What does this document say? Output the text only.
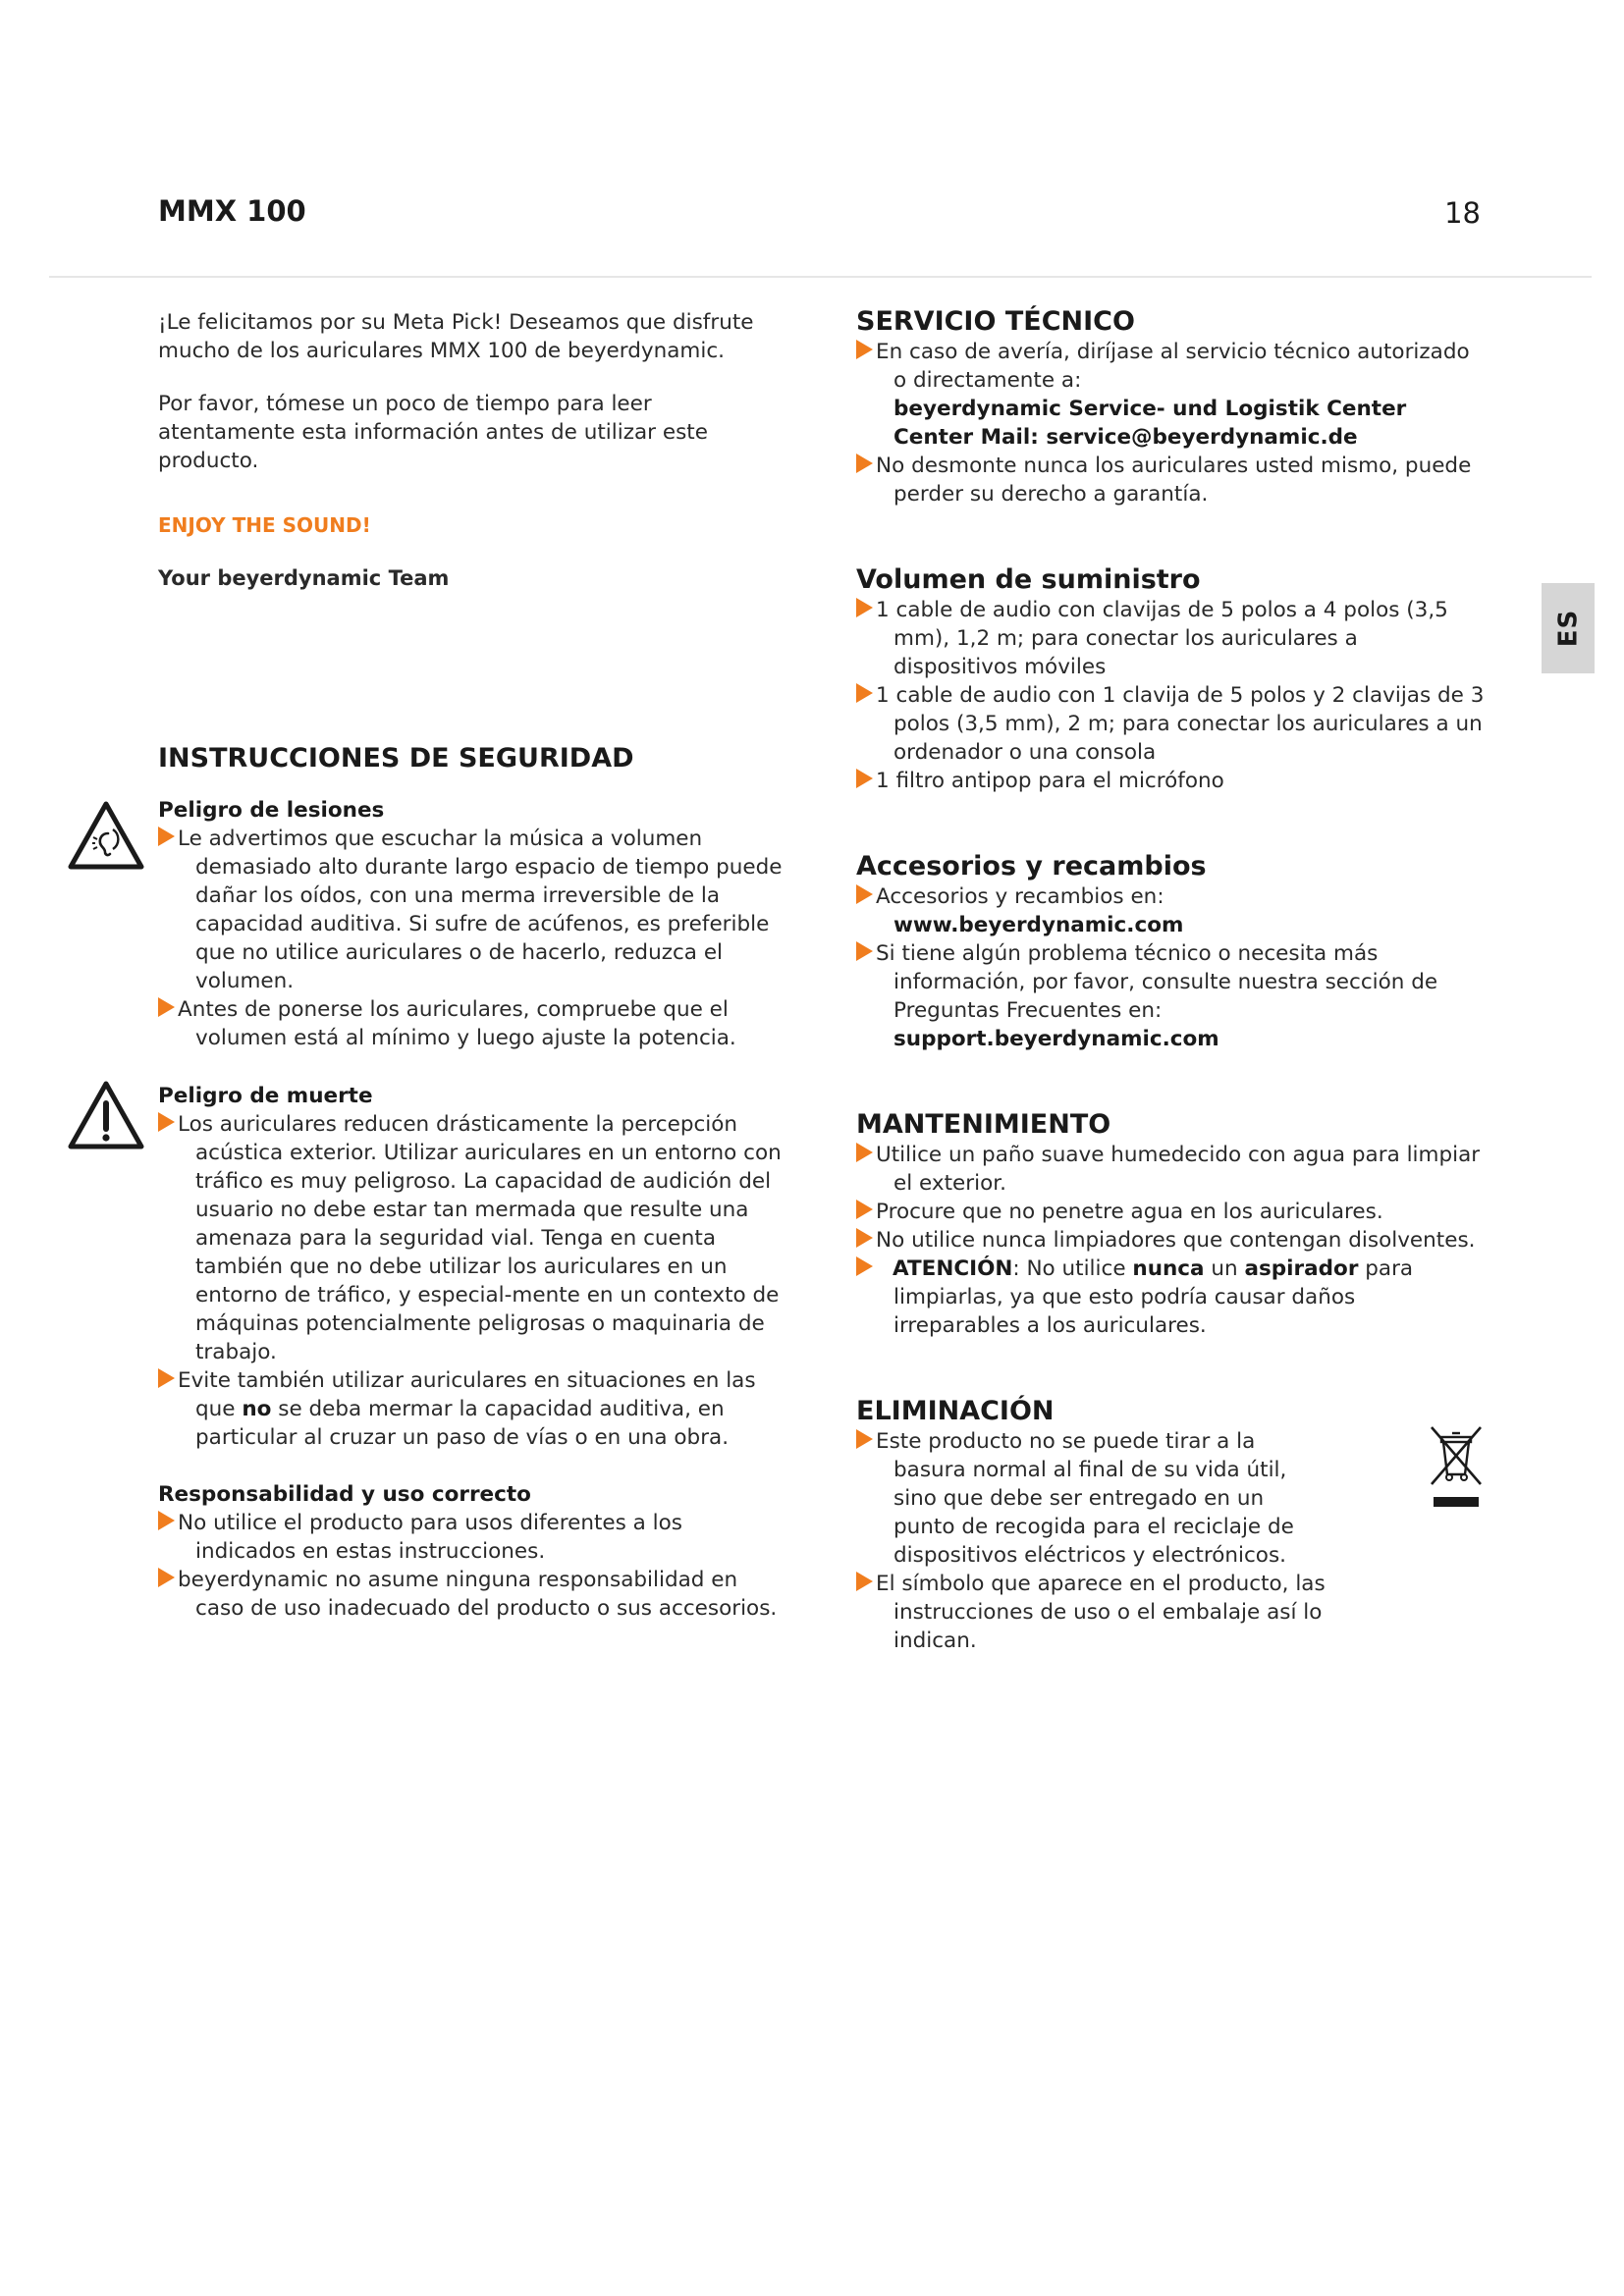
MMX 100	18
ES

¡Le felicitamos por su Meta Pick! Deseamos que disfrute mucho de los auriculares MMX 100 de beyerdynamic.

Por favor, tómese un poco de tiempo para leer atentamente esta información antes de utilizar este producto.

ENJOY THE SOUND!
Your beyerdynamic Team
INSTRUCCIONES DE SEGURIDAD
Peligro de lesiones
Le advertimos que escuchar la música a volumen demasiado alto durante largo espacio de tiempo puede dañar los oídos, con una merma irreversible de la capacidad auditiva. Si sufre de acúfenos, es preferible que no utilice auriculares o de hacerlo, reduzca el volumen.
Antes de ponerse los auriculares, compruebe que el volumen está al mínimo y luego ajuste la potencia.
Peligro de muerte
Los auriculares reducen drásticamente la percepción acústica exterior. Utilizar auriculares en un entorno con tráfico es muy peligroso. La capacidad de audición del usuario no debe estar tan mermada que resulte una amenaza para la seguridad vial. Tenga en cuenta también que no debe utilizar los auriculares en un entorno de tráfico, y especial-mente en un contexto de máquinas potencialmente peligrosas o maquinaria de trabajo.
Evite también utilizar auriculares en situaciones en las que no se deba mermar la capacidad auditiva, en particular al cruzar un paso de vías o en una obra.
Responsabilidad y uso correcto
No utilice el producto para usos diferentes a los indicados en estas instrucciones.
beyerdynamic no asume ninguna responsabilidad en caso de uso inadecuado del producto o sus accesorios.
SERVICIO TÉCNICO
En caso de avería, diríjase al servicio técnico autorizado o directamente a:
beyerdynamic Service- und Logistik Center
Center Mail: service@beyerdynamic.de
No desmonte nunca los auriculares usted mismo, puede perder su derecho a garantía.
Volumen de suministro
1 cable de audio con clavijas de 5 polos a 4 polos (3,5 mm), 1,2 m; para conectar los auriculares a dispositivos móviles
1 cable de audio con 1 clavija de 5 polos y 2 clavijas de 3 polos (3,5 mm), 2 m; para conectar los auriculares a un ordenador o una consola
1 filtro antipop para el micrófono
Accesorios y recambios
Accesorios y recambios en:
www.beyerdynamic.com
Si tiene algún problema técnico o necesita más información, por favor, consulte nuestra sección de Preguntas Frecuentes en:
support.beyerdynamic.com
MANTENIMIENTO
Utilice un paño suave humedecido con agua para limpiar el exterior.
Procure que no penetre agua en los auriculares.
No utilice nunca limpiadores que contengan disolventes.
ATENCIÓN: No utilice nunca un aspirador para limpiarlas, ya que esto podría causar daños irreparables a los auriculares.
ELIMINACIÓN
Este producto no se puede tirar a la basura normal al final de su vida útil, sino que debe ser entregado en un punto de recogida para el reciclaje de dispositivos eléctricos y electrónicos.
El símbolo que aparece en el producto, las instrucciones de uso o el embalaje así lo indican.
